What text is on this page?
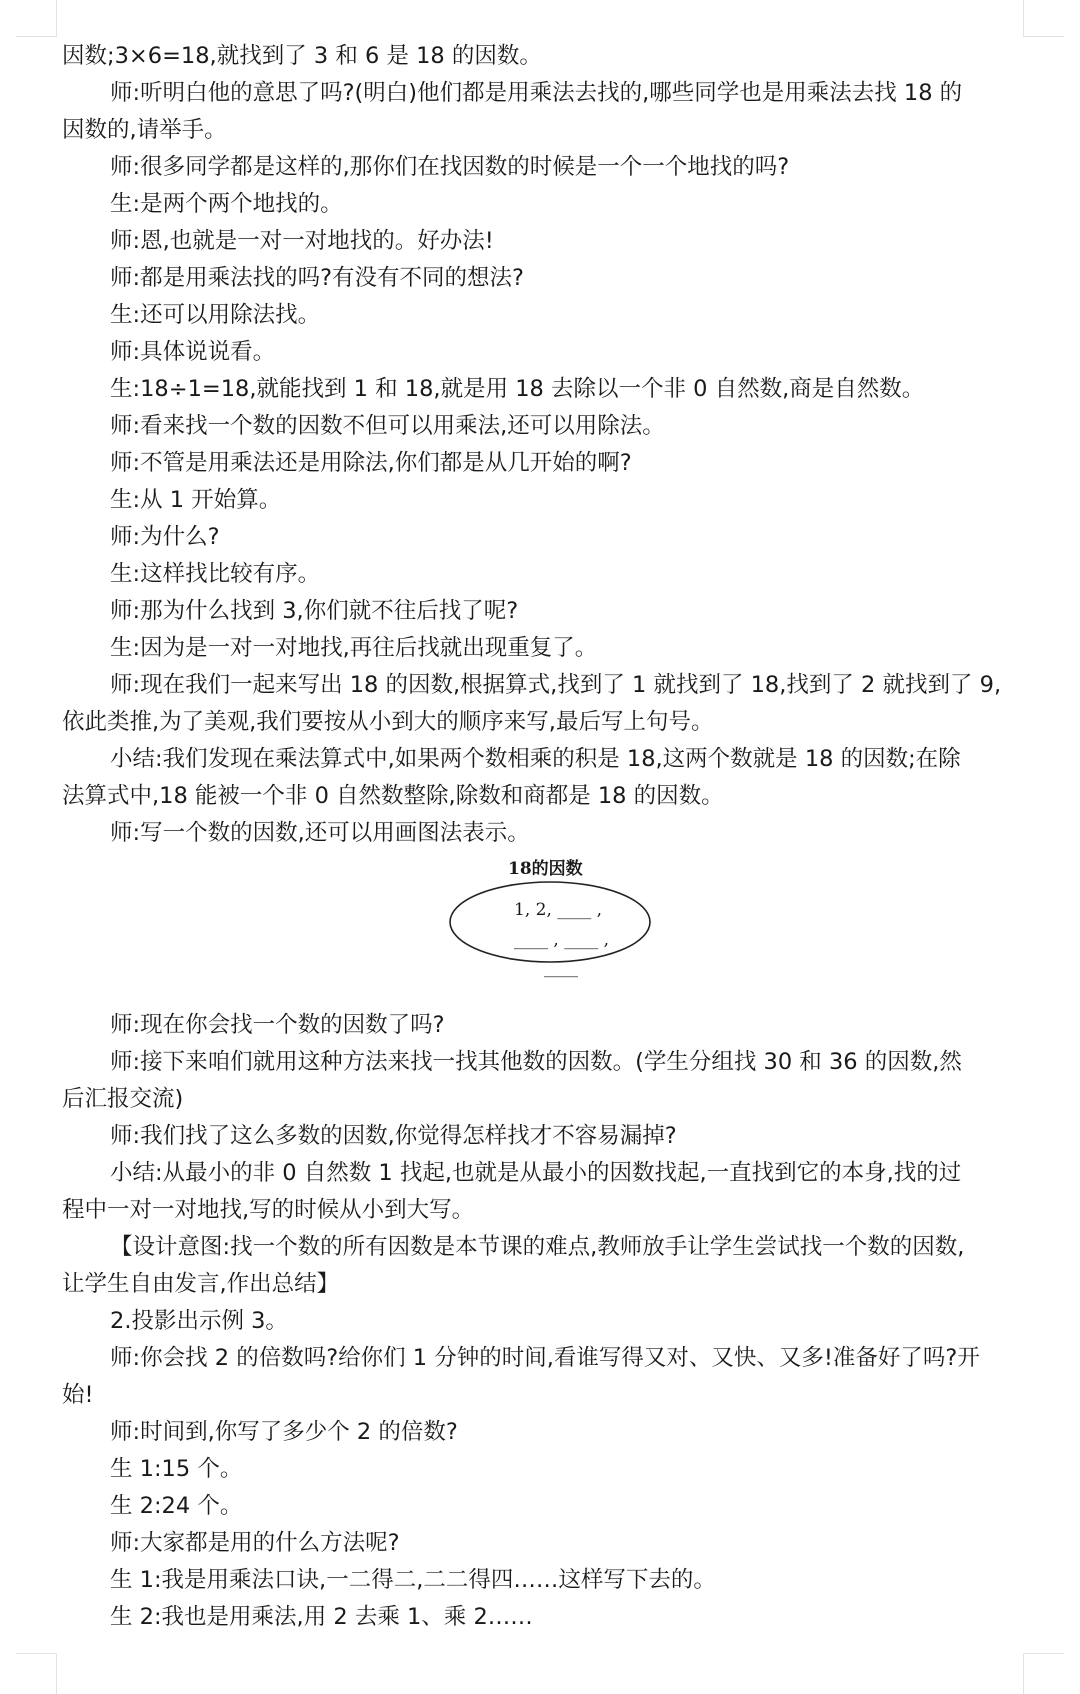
因数;3×6=18,就找到了 3 和 6 是 18 的因数。

师:听明白他的意思了吗?(明白)他们都是用乘法去找的,哪些同学也是用乘法去找 18 的

因数的,请举手。

师:很多同学都是这样的,那你们在找因数的时候是一个一个地找的吗?

生:是两个两个地找的。

师:恩,也就是一对一对地找的。好办法!

师:都是用乘法找的吗?有没有不同的想法?

生:还可以用除法找。

师:具体说说看。

生:18÷1=18,就能找到 1 和 18,就是用 18 去除以一个非 0 自然数,商是自然数。

师:看来找一个数的因数不但可以用乘法,还可以用除法。

师:不管是用乘法还是用除法,你们都是从几开始的啊?

生:从 1 开始算。

师:为什么?

生:这样找比较有序。

师:那为什么找到 3,你们就不往后找了呢?

生:因为是一对一对地找,再往后找就出现重复了。

师:现在我们一起来写出 18 的因数,根据算式,找到了 1 就找到了 18,找到了 2 就找到了 9,

依此类推,为了美观,我们要按从小到大的顺序来写,最后写上句号。

小结:我们发现在乘法算式中,如果两个数相乘的积是 18,这两个数就是 18 的因数;在除

法算式中,18 能被一个非 0 自然数整除,除数和商都是 18 的因数。

师:写一个数的因数,还可以用画图法表示。

18的因数
1, 2, ____ ,
____ , ____ ,
____

师:现在你会找一个数的因数了吗?

师:接下来咱们就用这种方法来找一找其他数的因数。(学生分组找 30 和 36 的因数,然

后汇报交流)

师:我们找了这么多数的因数,你觉得怎样找才不容易漏掉?

小结:从最小的非 0 自然数 1 找起,也就是从最小的因数找起,一直找到它的本身,找的过

程中一对一对地找,写的时候从小到大写。

【设计意图:找一个数的所有因数是本节课的难点,教师放手让学生尝试找一个数的因数,

让学生自由发言,作出总结】

2.投影出示例 3。

师:你会找 2 的倍数吗?给你们 1 分钟的时间,看谁写得又对、又快、又多!准备好了吗?开

始!

师:时间到,你写了多少个 2 的倍数?

生 1:15 个。

生 2:24 个。

师:大家都是用的什么方法呢?

生 1:我是用乘法口诀,一二得二,二二得四……这样写下去的。

生 2:我也是用乘法,用 2 去乘 1、乘 2……
